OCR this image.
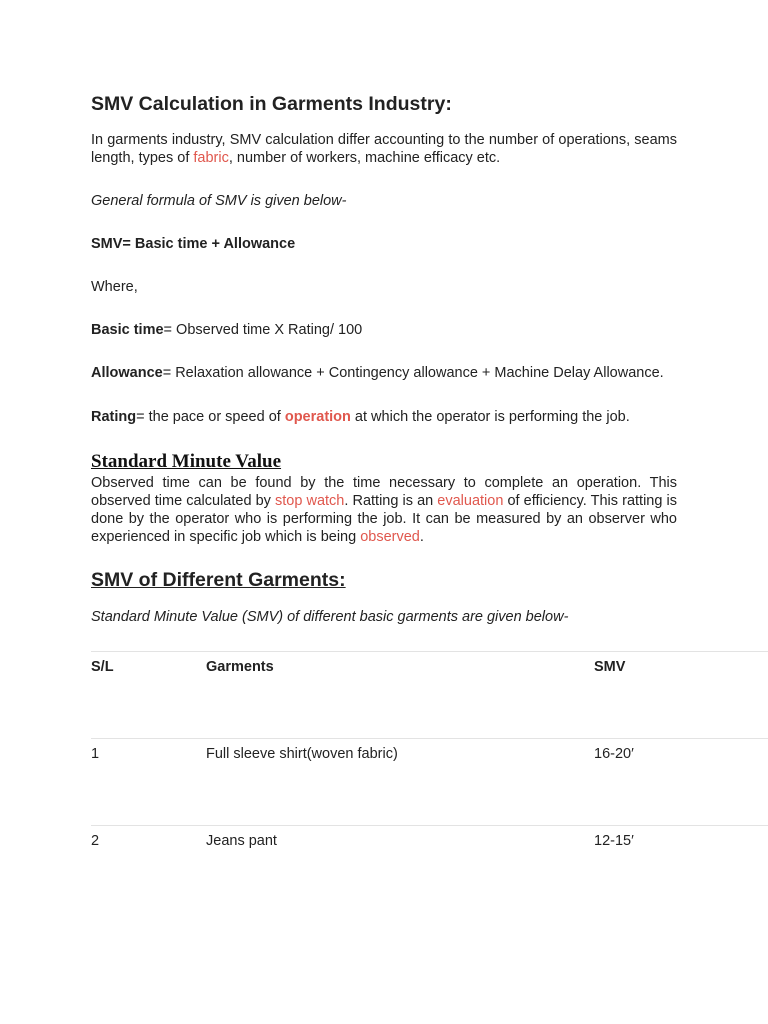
SMV Calculation in Garments Industry:

In garments industry, SMV calculation differ accounting to the number of operations, seams length, types of fabric, number of workers, machine efficacy etc.

General formula of SMV is given below-

SMV= Basic time + Allowance

Where,

Basic time= Observed time X Rating/ 100

Allowance= Relaxation allowance + Contingency allowance + Machine Delay Allowance.

Rating= the pace or speed of operation at which the operator is performing the job.

Standard Minute Value

Observed time can be found by the time necessary to complete an operation. This observed time calculated by stop watch. Ratting is an evaluation of efficiency. This ratting is done by the operator who is performing the job. It can be measured by an observer who experienced in specific job which is being observed.

SMV of Different Garments:

Standard Minute Value (SMV) of different basic garments are given below-

S/L	Garments	SMV
1	Full sleeve shirt(woven fabric)	16-20′
2	Jeans pant	12-15′
